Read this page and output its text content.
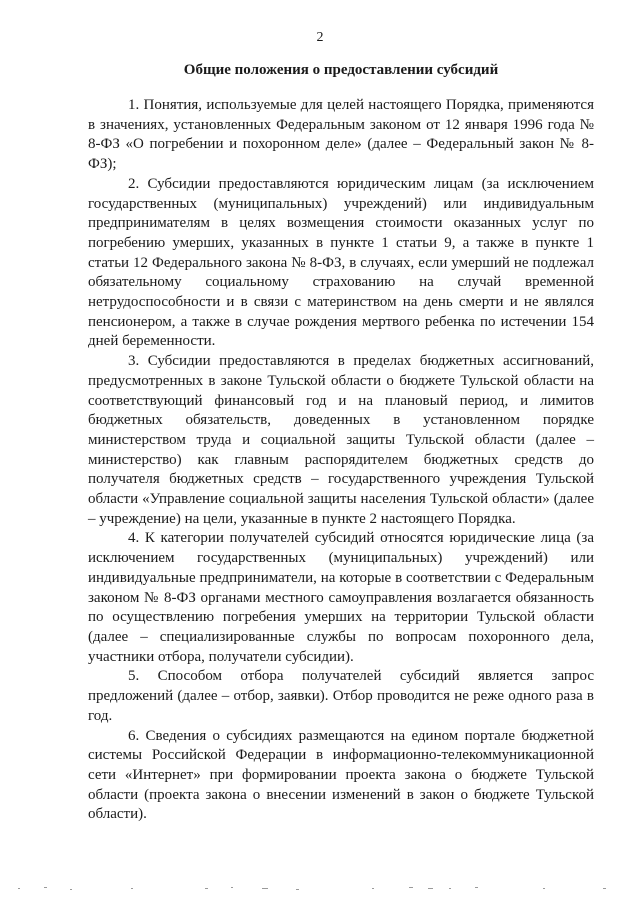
2
Общие положения о предоставлении субсидий

1. Понятия, используемые для целей настоящего Порядка, применяются в значениях, установленных Федеральным законом от 12 января 1996 года № 8-ФЗ «О погребении и похоронном деле» (далее – Федеральный закон № 8-ФЗ);

2. Субсидии предоставляются юридическим лицам (за исключением государственных (муниципальных) учреждений) или индивидуальным предпринимателям в целях возмещения стоимости оказанных услуг по погребению умерших, указанных в пункте 1 статьи 9, а также в пункте 1 статьи 12 Федерального закона № 8-ФЗ, в случаях, если умерший не подлежал обязательному социальному страхованию на случай временной нетрудоспособности и в связи с материнством на день смерти и не являлся пенсионером, а также в случае рождения мертвого ребенка по истечении 154 дней беременности.

3. Субсидии предоставляются в пределах бюджетных ассигнований, предусмотренных в законе Тульской области о бюджете Тульской области на соответствующий финансовый год и на плановый период, и лимитов бюджетных обязательств, доведенных в установленном порядке министерством труда и социальной защиты Тульской области (далее – министерство) как главным распорядителем бюджетных средств до получателя бюджетных средств – государственного учреждения Тульской области «Управление социальной защиты населения Тульской области» (далее – учреждение) на цели, указанные в пункте 2 настоящего Порядка.

4. К категории получателей субсидий относятся юридические лица (за исключением государственных (муниципальных) учреждений) или индивидуальные предприниматели, на которые в соответствии с Федеральным законом № 8-ФЗ органами местного самоуправления возлагается обязанность по осуществлению погребения умерших на территории Тульской области (далее – специализированные службы по вопросам похоронного дела, участники отбора, получатели субсидии).

5. Способом отбора получателей субсидий является запрос предложений (далее – отбор, заявки). Отбор проводится не реже одного раза в год.

6. Сведения о субсидиях размещаются на едином портале бюджетной системы Российской Федерации в информационно-телекоммуникационной сети «Интернет» при формировании проекта закона о бюджете Тульской области (проекта закона о внесении изменений в закон о бюджете Тульской области).
